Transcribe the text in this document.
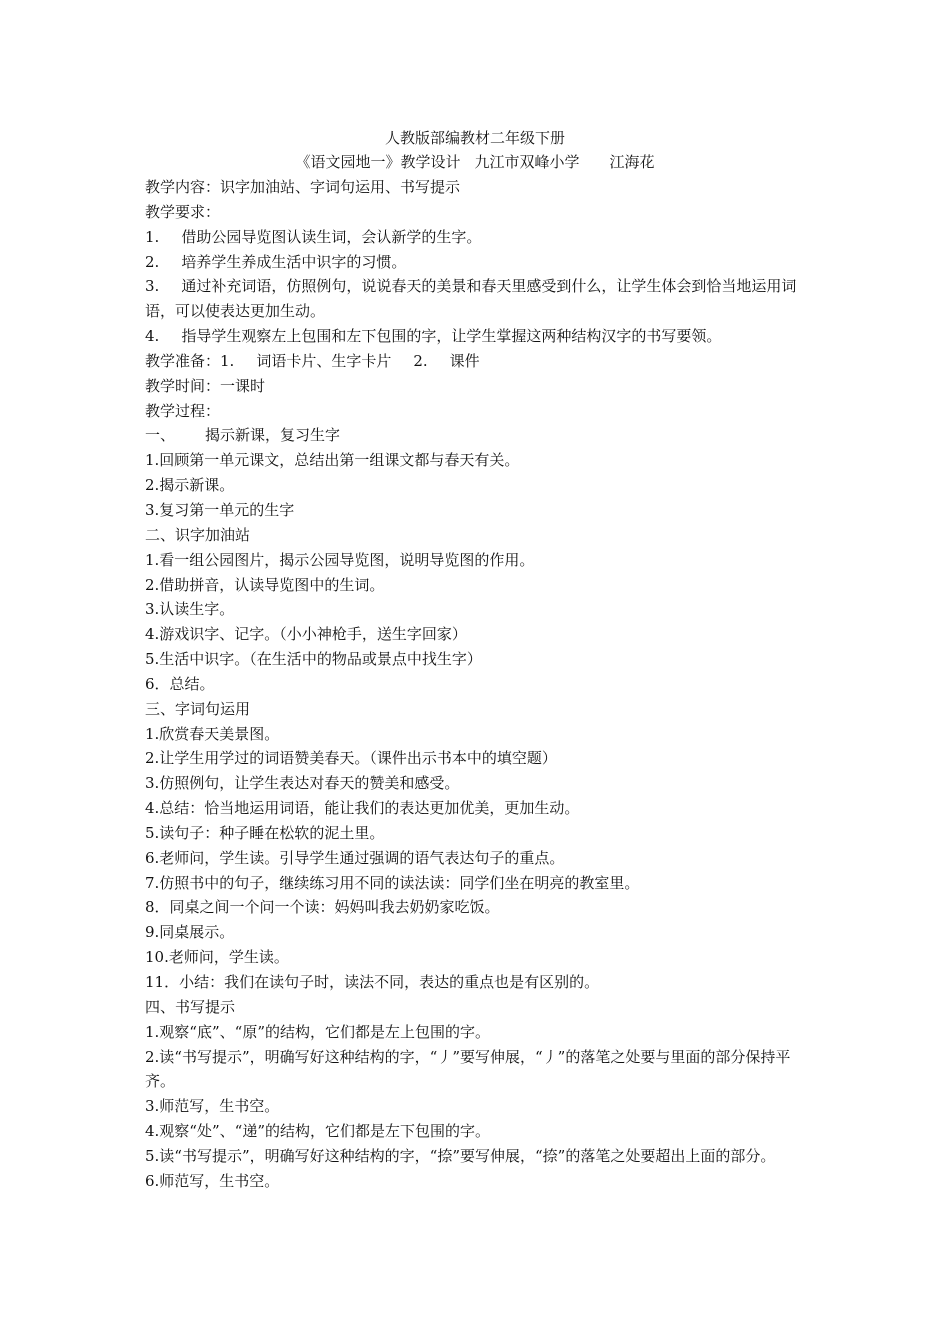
人教版部编教材二年级下册
《语文园地一》教学设计 九江市双峰小学 江海花
教学内容：识字加油站、字词句运用、书写提示
教学要求：
1. 借助公园导览图认读生词，会认新学的生字。
2. 培养学生养成生活中识字的习惯。
3. 通过补充词语，仿照例句，说说春天的美景和春天里感受到什么，让学生体会到恰当地运用词语，可以使表达更加生动。
4. 指导学生观察左上包围和左下包围的字，让学生掌握这两种结构汉字的书写要领。
教学准备：1. 词语卡片、生字卡片 2. 课件
教学时间：一课时
教学过程：
一、 揭示新课，复习生字
1.回顾第一单元课文，总结出第一组课文都与春天有关。
2.揭示新课。
3.复习第一单元的生字
二、识字加油站
1.看一组公园图片，揭示公园导览图，说明导览图的作用。
2.借助拼音，认读导览图中的生词。
3.认读生字。
4.游戏识字、记字。（小小神枪手，送生字回家）
5.生活中识字。（在生活中的物品或景点中找生字）
6．总结。
三、字词句运用
1.欣赏春天美景图。
2.让学生用学过的词语赞美春天。（课件出示书本中的填空题）
3.仿照例句，让学生表达对春天的赞美和感受。
4.总结：恰当地运用词语，能让我们的表达更加优美，更加生动。
5.读句子：种子睡在松软的泥土里。
6.老师问，学生读。引导学生通过强调的语气表达句子的重点。
7.仿照书中的句子，继续练习用不同的读法读：同学们坐在明亮的教室里。
8．同桌之间一个问一个读：妈妈叫我去奶奶家吃饭。
9.同桌展示。
10.老师问，学生读。
11．小结：我们在读句子时，读法不同，表达的重点也是有区别的。
四、书写提示
1.观察“底”、“原”的结构，它们都是左上包围的字。
2.读“书写提示”，明确写好这种结构的字，“丿”要写伸展，“丿”的落笔之处要与里面的部分保持平齐。
3.师范写，生书空。
4.观察“处”、“递”的结构，它们都是左下包围的字。
5.读“书写提示”，明确写好这种结构的字，“捺”要写伸展，“捺”的落笔之处要超出上面的部分。
6.师范写，生书空。
